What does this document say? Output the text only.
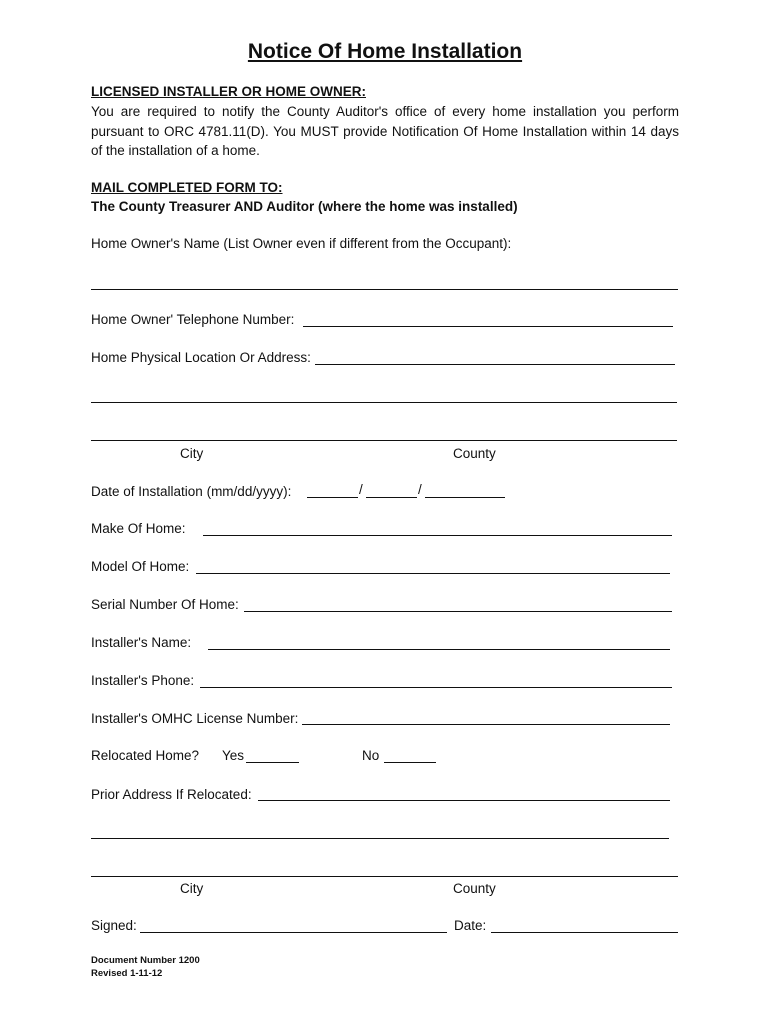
Notice Of Home Installation
LICENSED INSTALLER OR HOME OWNER:
You are required to notify the County Auditor's office of every home installation you perform pursuant to ORC 4781.11(D). You MUST provide Notification Of Home Installation within 14 days of the installation of a home.
MAIL COMPLETED FORM TO:
The County Treasurer AND Auditor (where the home was installed)
Home Owner's Name (List Owner even if different from the Occupant):
Home Owner' Telephone Number:
Home Physical Location Or Address:
City	County
Date of Installation (mm/dd/yyyy):	/	/
Make Of Home:
Model Of Home:
Serial Number Of Home:
Installer's Name:
Installer's Phone:
Installer's OMHC License Number:
Relocated Home? Yes	No
Prior Address If Relocated:
City	County
Signed:	Date:
Document Number 1200
Revised 1-11-12
